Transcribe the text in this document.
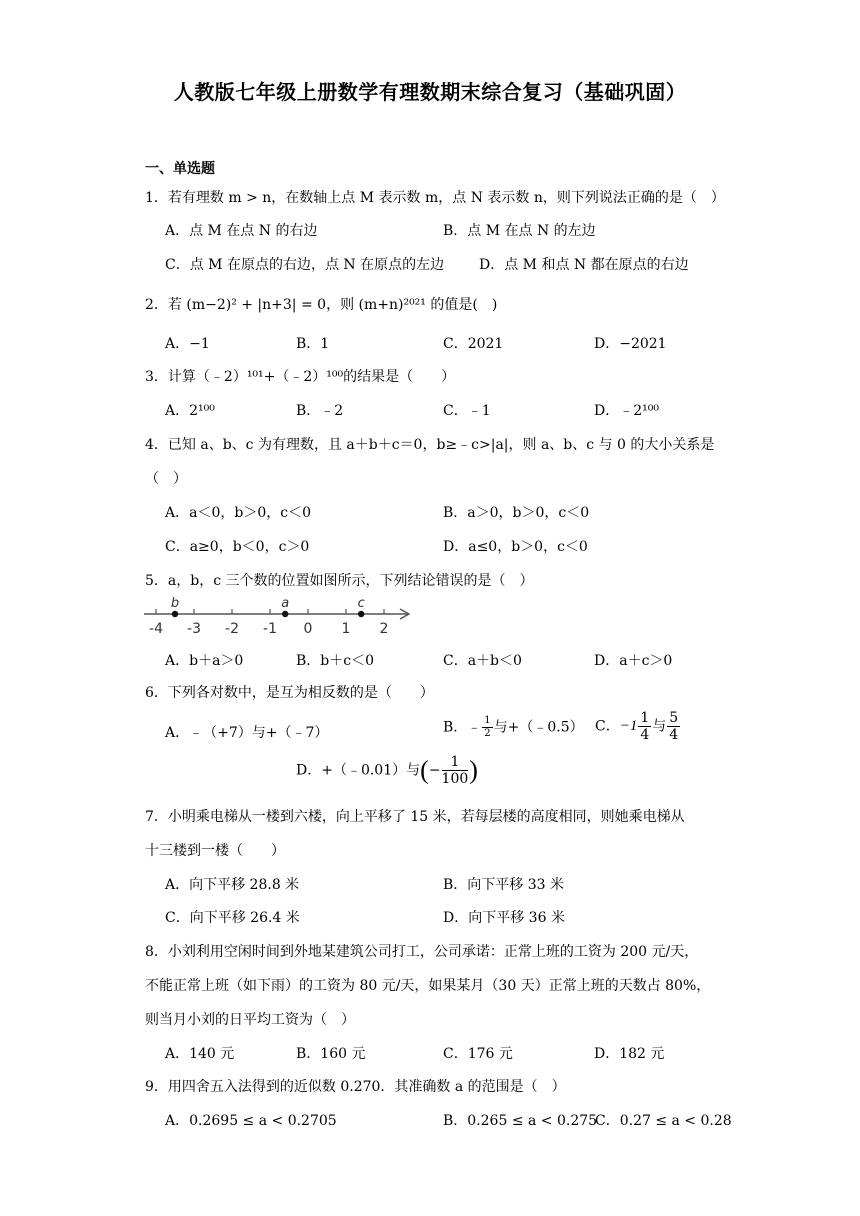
人教版七年级上册数学有理数期末综合复习（基础巩固）
一、单选题
1．若有理数 m > n，在数轴上点 M 表示数 m，点 N 表示数 n，则下列说法正确的是（　）
A．点 M 在点 N 的右边	B．点 M 在点 N 的左边
C．点 M 在原点的右边，点 N 在原点的左边 D．点 M 和点 N 都在原点的右边
2．若 (m−2)² + |n+3| = 0，则 (m+n)²⁰²¹ 的值是(　)
A．−1	B．1	C．2021	D．−2021
3．计算（﹣2）¹⁰¹+（﹣2）¹⁰⁰的结果是（　　）
A．2¹⁰⁰	B．﹣2	C．﹣1	D．﹣2¹⁰⁰
4．已知 a、b、c 为有理数，且 a＋b＋c＝0，b≥﹣c>|a|，则 a、b、c 与 0 的大小关系是
（　）
A．a＜0，b＞0，c＜0	B．a＞0，b＞0，c＜0
C．a≥0，b＜0，c＞0	D．a≤0，b＞0，c＜0
5．a，b，c 三个数的位置如图所示，下列结论错误的是（　）
-4 -3 -2 -1 0 1 2
b	a	c
A．b＋a＞0	B．b＋c＜0	C．a＋b＜0	D．a＋c＞0
6．下列各对数中，是互为相反数的是（　　）
A．﹣（+7）与+（﹣7）	B．﹣ $\frac{1}{2}$ 与+（﹣0.5） C．$-1 \frac{1}{4}$ 与 $\frac{5}{4}$
D．+（﹣0.01）与(− $\frac{1}{100}$ )
7．小明乘电梯从一楼到六楼，向上平移了 15 米，若每层楼的高度相同，则她乘电梯从
十三楼到一楼（　　）
A．向下平移 28.8 米	B．向下平移 33 米
C．向下平移 26.4 米	D．向下平移 36 米
8．小刘利用空闲时间到外地某建筑公司打工，公司承诺：正常上班的工资为 200 元/天，
不能正常上班（如下雨）的工资为 80 元/天，如果某月（30 天）正常上班的天数占 80%，
则当月小刘的日平均工资为（　）
A．140 元	B．160 元	C．176 元	D．182 元
9．用四舍五入法得到的近似数 0.270．其准确数 a 的范围是（　）
A．0.2695 ≤ a < 0.2705	B．0.265 ≤ a < 0.275
C．0.27 ≤ a < 0.28
